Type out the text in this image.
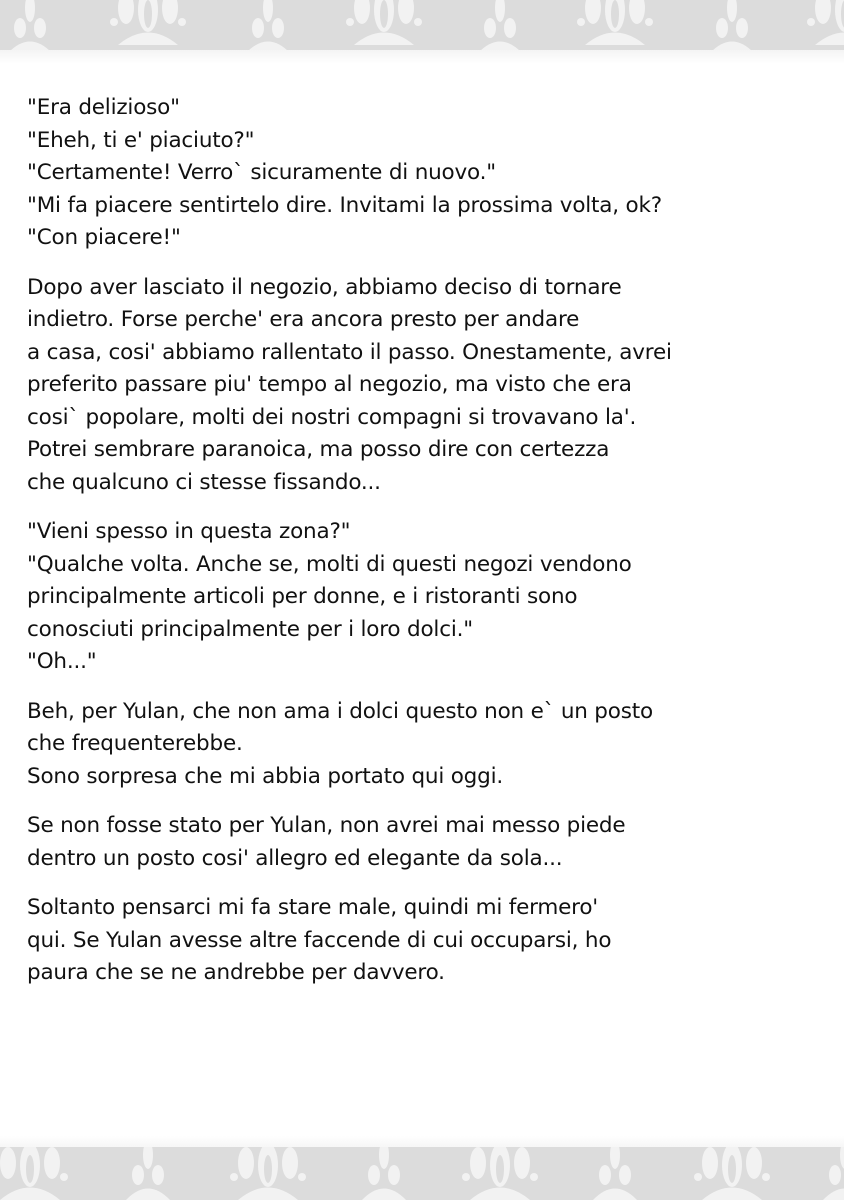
"Era delizioso"
"Eheh, ti e' piaciuto?"
"Certamente! Verro` sicuramente di nuovo."
"Mi fa piacere sentirtelo dire. Invitami la prossima volta, ok?
"Con piacere!"
Dopo aver lasciato il negozio, abbiamo deciso di tornare
indietro. Forse perche' era ancora presto per andare
a casa, cosi' abbiamo rallentato il passo. Onestamente, avrei
preferito passare piu' tempo al negozio, ma visto che era
cosi` popolare, molti dei nostri compagni si trovavano la'.
Potrei sembrare paranoica, ma posso dire con certezza
che qualcuno ci stesse fissando...
"Vieni spesso in questa zona?"
"Qualche volta. Anche se, molti di questi negozi vendono
principalmente articoli per donne, e i ristoranti sono
conosciuti principalmente per i loro dolci."
"Oh..."
Beh, per Yulan, che non ama i dolci questo non e` un posto
che frequenterebbe.
Sono sorpresa che mi abbia portato qui oggi.
Se non fosse stato per Yulan, non avrei mai messo piede
dentro un posto cosi' allegro ed elegante da sola...
Soltanto pensarci mi fa stare male, quindi mi fermero'
qui. Se Yulan avesse altre faccende di cui occuparsi, ho
paura che se ne andrebbe per davvero.
